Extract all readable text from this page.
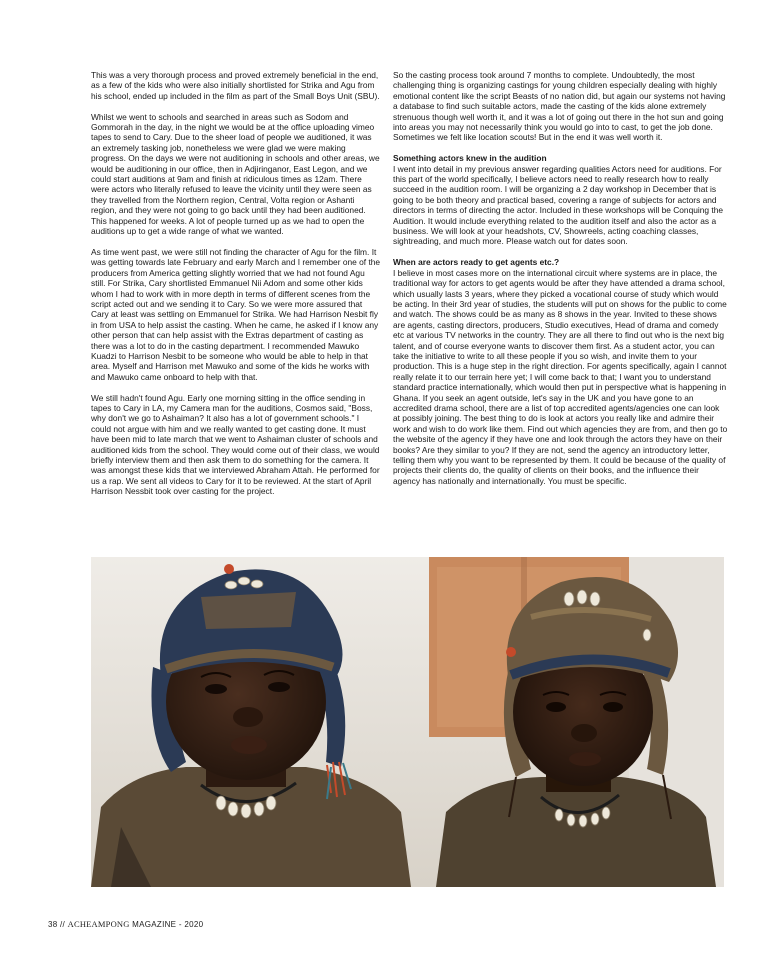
This was a very thorough process and proved extremely beneficial in the end, as a few of the kids who were also initially shortlisted for Strika and Agu from his school, ended up included in the film as part of the Small Boys Unit (SBU).

Whilst we went to schools and searched in areas such as Sodom and Gommorah in the day, in the night we would be at the office uploading vimeo tapes to send to Cary. Due to the sheer load of people we auditioned, it was an extremely tasking job, nonetheless we were glad we were making progress. On the days we were not auditioning in schools and other areas, we would be auditioning in our office, then in Adjiringanor, East Legon, and we could start auditions at 9am and finish at ridiculous times as 12am. There were actors who literally refused to leave the vicinity until they were seen as they travelled from the Northern region, Central, Volta region or Ashanti region, and they were not going to go back until they had been auditioned. This happened for weeks. A lot of people turned up as we had to open the auditions up to get a wide range of what we wanted.

As time went past, we were still not finding the character of Agu for the film. It was getting towards late February and early March and I remember one of the producers from America getting slightly worried that we had not found Agu still. For Strika, Cary shortlisted Emmanuel Nii Adom and some other kids whom I had to work with in more depth in terms of different scenes from the script acted out and we sending it to Cary. So we were more assured that Cary at least was settling on Emmanuel for Strika. We had Harrison Nesbit fly in from USA to help assist the casting. When he came, he asked if I know any other person that can help assist with the Extras department of casting as there was a lot to do in the casting department. I recommended Mawuko Kuadzi to Harrison Nesbit to be someone who would be able to help in that area. Myself and Harrison met Mawuko and some of the kids he works with and Mawuko came onboard to help with that.

We still hadn't found Agu. Early one morning sitting in the office sending in tapes to Cary in LA, my Camera man for the auditions, Cosmos said, "Boss, why don't we go to Ashaiman? It also has a lot of government schools." I could not argue with him and we really wanted to get casting done. It must have been mid to late march that we went to Ashaiman cluster of schools and auditioned kids from the school. They would come out of their class, we would briefly interview them and then ask them to do something for the camera. It was amongst these kids that we interviewed Abraham Attah. He performed for us a rap. We sent all videos to Cary for it to be reviewed. At the start of April Harrison Nessbit took over casting for the project.

So the casting process took around 7 months to complete. Undoubtedly, the most challenging thing is organizing castings for young children especially dealing with highly emotional content like the script Beasts of no nation did, but again our systems not having a database to find such suitable actors, made the casting of the kids alone extremely strenuous though well worth it, and it was a lot of going out there in the hot sun and going into areas you may not necessarily think you would go into to cast, to get the job done. Sometimes we felt like location scouts! But in the end it was well worth it.

Something actors knew in the audition

I went into detail in my previous answer regarding qualities Actors need for auditions. For this part of the world specifically, I believe actors need to really research how to really succeed in the audition room. I will be organizing a 2 day workshop in December that is going to be both theory and practical based, covering a range of subjects for actors and directors in terms of directing the actor. Included in these workshops will be Conquing the Audition. It would include everything related to the audition itself and also the actor as a business. We will look at your headshots, CV, Showreels, acting coaching classes, sightreading, and much more. Please watch out for dates soon.

When are actors ready to get agents etc.?

I believe in most cases more on the international circuit where systems are in place, the traditional way for actors to get agents would be after they have attended a drama school, which usually lasts 3 years, where they picked a vocational course of study which would be acting. In their 3rd year of studies, the students will put on shows for the public to come and watch. The shows could be as many as 8 shows in the year. Invited to these shows are agents, casting directors, producers, Studio executives, Head of drama and comedy etc at various TV networks in the country. They are all there to find out who is the next big talent, and of course everyone wants to discover them first. As a student actor, you can take the initiative to write to all these people if you so wish, and invite them to your production. This is a huge step in the right direction. For agents specifically, again I cannot really relate it to our terrain here yet; I will come back to that; I want you to understand standard practice internationally, which would then put in perspective what is happening in Ghana. If you seek an agent outside, let's say in the UK and you have gone to an accredited drama school, there are a list of top accredited agents/agencies one can look at possibly joining. The best thing to do is look at actors you really like and admire their work and wish to do work like them. Find out which agencies they are from, and then go to the website of the agency if they have one and look through the actors they have on their books? Are they similar to you? If they are not, send the agency an introductory letter, telling them why you want to be represented by them. It could be because of the quality of projects their clients do, the quality of clients on their books, and the influence their agency has nationally and internationally. You must be specific.

38 // ACHEAMPONG MAGAZINE - 2020
